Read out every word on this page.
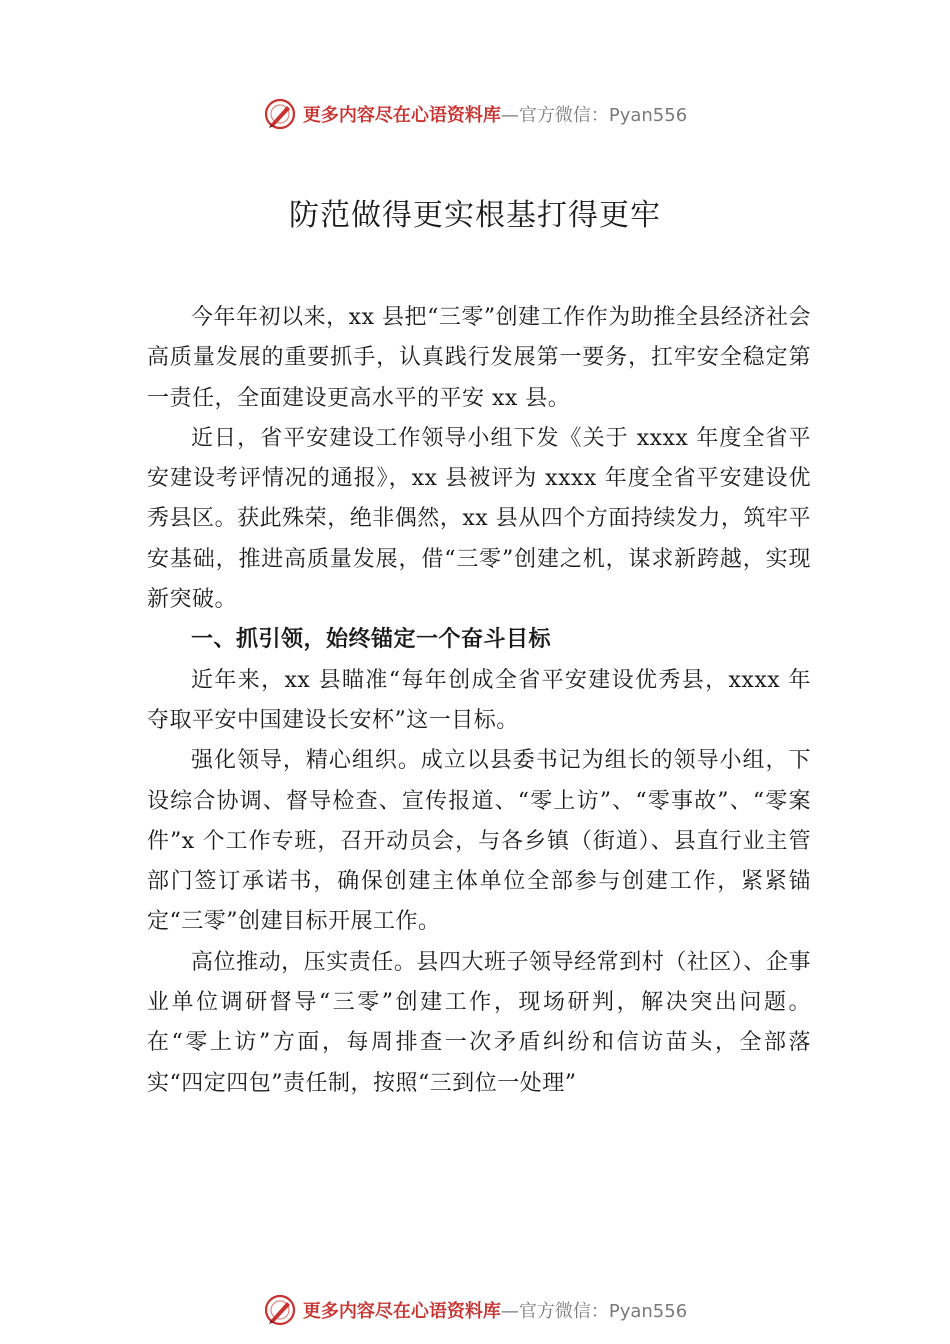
更多内容尽在心语资料库 —官方微信：Pyan556
防范做得更实根基打得更牢

今年年初以来，xx 县把“三零”创建工作作为助推全县经济社会高质量发展的重要抓手，认真践行发展第一要务，扛牢安全稳定第一责任，全面建设更高水平的平安 xx 县。

近日，省平安建设工作领导小组下发《关于 xxxx 年度全省平安建设考评情况的通报》，xx 县被评为 xxxx 年度全省平安建设优秀县区。获此殊荣，绝非偶然，xx 县从四个方面持续发力，筑牢平安基础，推进高质量发展，借“三零”创建之机，谋求新跨越，实现新突破。

一、抓引领，始终锚定一个奋斗目标

近年来，xx 县瞄准“每年创成全省平安建设优秀县，xxxx 年夺取平安中国建设长安杯”这一目标。

强化领导，精心组织。成立以县委书记为组长的领导小组，下设综合协调、督导检查、宣传报道、“零上访”、“零事故”、“零案件”x 个工作专班，召开动员会，与各乡镇（街道）、县直行业主管部门签订承诺书，确保创建主体单位全部参与创建工作，紧紧锚定“三零”创建目标开展工作。

高位推动，压实责任。县四大班子领导经常到村（社区）、企事业单位调研督导“三零”创建工作，现场研判，解决突出问题。在“零上访”方面，每周排查一次矛盾纠纷和信访苗头，全部落实“四定四包”责任制，按照“三到位一处理”

更多内容尽在心语资料库 —官方微信：Pyan556
